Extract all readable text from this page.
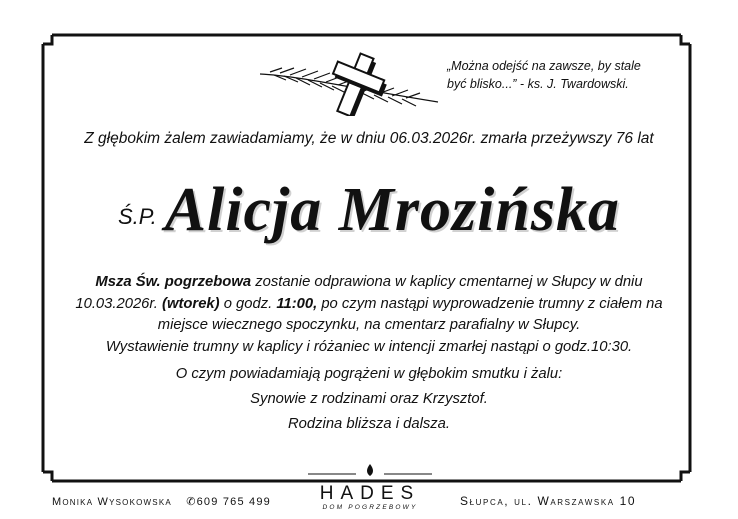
„Można odejść na zawsze, by stale
być blisko...” - ks. J. Twardowski.
Z głębokim żalem zawiadamiamy, że w dniu 06.03.2026r. zmarła przeżywszy 76 lat
Ś.P. Alicja Mrozińska
Msza Św. pogrzebowa zostanie odprawiona w kaplicy cmentarnej w Słupcy w dniu 10.03.2026r. (wtorek) o godz. 11:00, po czym nastąpi wyprowadzenie trumny z ciałem na miejsce wiecznego spoczynku, na cmentarz parafialny w Słupcy.
Wystawienie trumny w kaplicy i różaniec w intencji zmarłej nastąpi o godz.10:30.
O czym powiadamiają pogrążeni w głębokim smutku i żalu:
Synowie z rodzinami oraz Krzysztof.
Rodzina bliższa i dalsza.
Monika Wysokowska ✆609 765 499	HADES
DOM POGRZEBOWY	Słupca, ul. Warszawska 10
